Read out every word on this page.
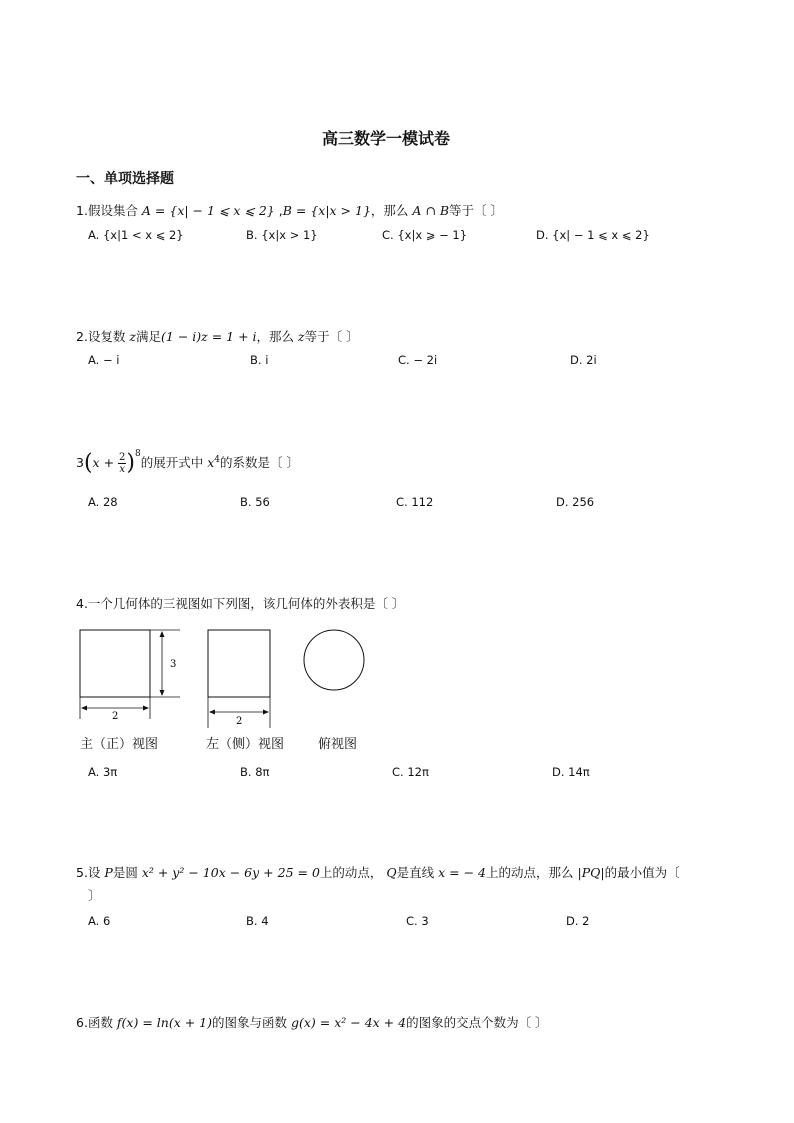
高三数学一模试卷
一、单项选择题
1.假设集合 A = {x| − 1 ⩽ x ⩽ 2} ,B = {x|x > 1}，那么 A ∩ B等于〔 〕
A. {x|1 < x ⩽ 2}	B. {x|x > 1}	C. {x|x ⩾ − 1}	D. {x| − 1 ⩽ x ⩽ 2}
2.设复数 z满足(1 − i)z = 1 + i，那么 z等于〔 〕
A. − i	B. i	C. − 2i	D. 2i
$3(x + \frac{2}{x} )^8$的展开式中 $x^4$的系数是〔 〕
A. 28	B. 56	C. 112	D. 256
4.一个几何体的三视图如下列图，该几何体的外表积是〔 〕
3
2	2
主（正）视图	左（侧）视图	俯视图
A. 3π	B. 8π	C. 12π	D. 14π
5.设 P是圆 x² + y² − 10x − 6y + 25 = 0上的动点， Q是直线 x = − 4上的动点，那么 |PQ|的最小值为〔
〕
A. 6	B. 4	C. 3	D. 2
6.函数 f(x) = ln(x + 1)的图象与函数 g(x) = x² − 4x + 4的图象的交点个数为〔 〕
